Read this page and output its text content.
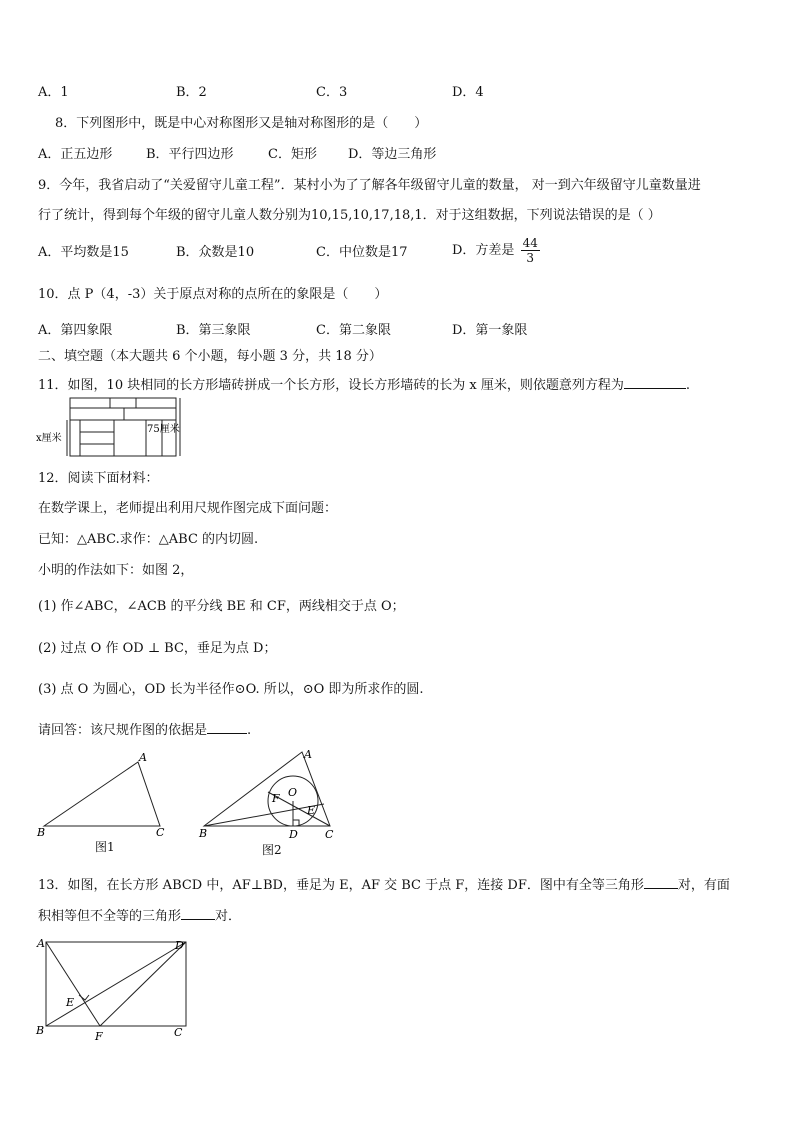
A．1	B．2	C．3	D．4
8．下列图形中，既是中心对称图形又是轴对称图形的是（　　）
A．正五边形	B．平行四边形	C．矩形 D．等边三角形
9．今年，我省启动了“关爱留守儿童工程”．某村小为了了解各年级留守儿童的数量， 对一到六年级留守儿童数量进
行了统计，得到每个年级的留守儿童人数分别为10,15,10,17,18,1．对于这组数据，下列说法错误的是（ ）
A．平均数是15	B．众数是10	C．中位数是17	D．方差是 $\frac{44}{3}$
10．点 P（4，-3）关于原点对称的点所在的象限是（　　）
A．第四象限	B．第三象限	C．第二象限	D．第一象限
二、填空题（本大题共 6 个小题，每小题 3 分，共 18 分）
11．如图，10 块相同的长方形墙砖拼成一个长方形，设长方形墙砖的长为 x 厘米，则依题意列方程为	.
x厘米
75厘米
12．阅读下面材料：
在数学课上，老师提出利用尺规作图完成下面问题：
已知：△ABC.求作：△ABC 的内切圆.
小明的作法如下：如图 2，
(1) 作∠ABC，∠ACB 的平分线 BE 和 CF，两线相交于点 O；
(2) 过点 O 作 OD ⊥ BC，垂足为点 D；
(3) 点 O 为圆心，OD 长为半径作⊙O. 所以，⊙O 即为所求作的圆.
请回答：该尺规作图的依据是	.
A
B	C
图1
A
B	C
D
E
F O
图2
13．如图，在长方形 ABCD 中，AF⊥BD，垂足为 E，AF 交 BC 于点 F，连接 DF．图中有全等三角形	对，有面
积相等但不全等的三角形	对．
A	D
B	C
E
F
